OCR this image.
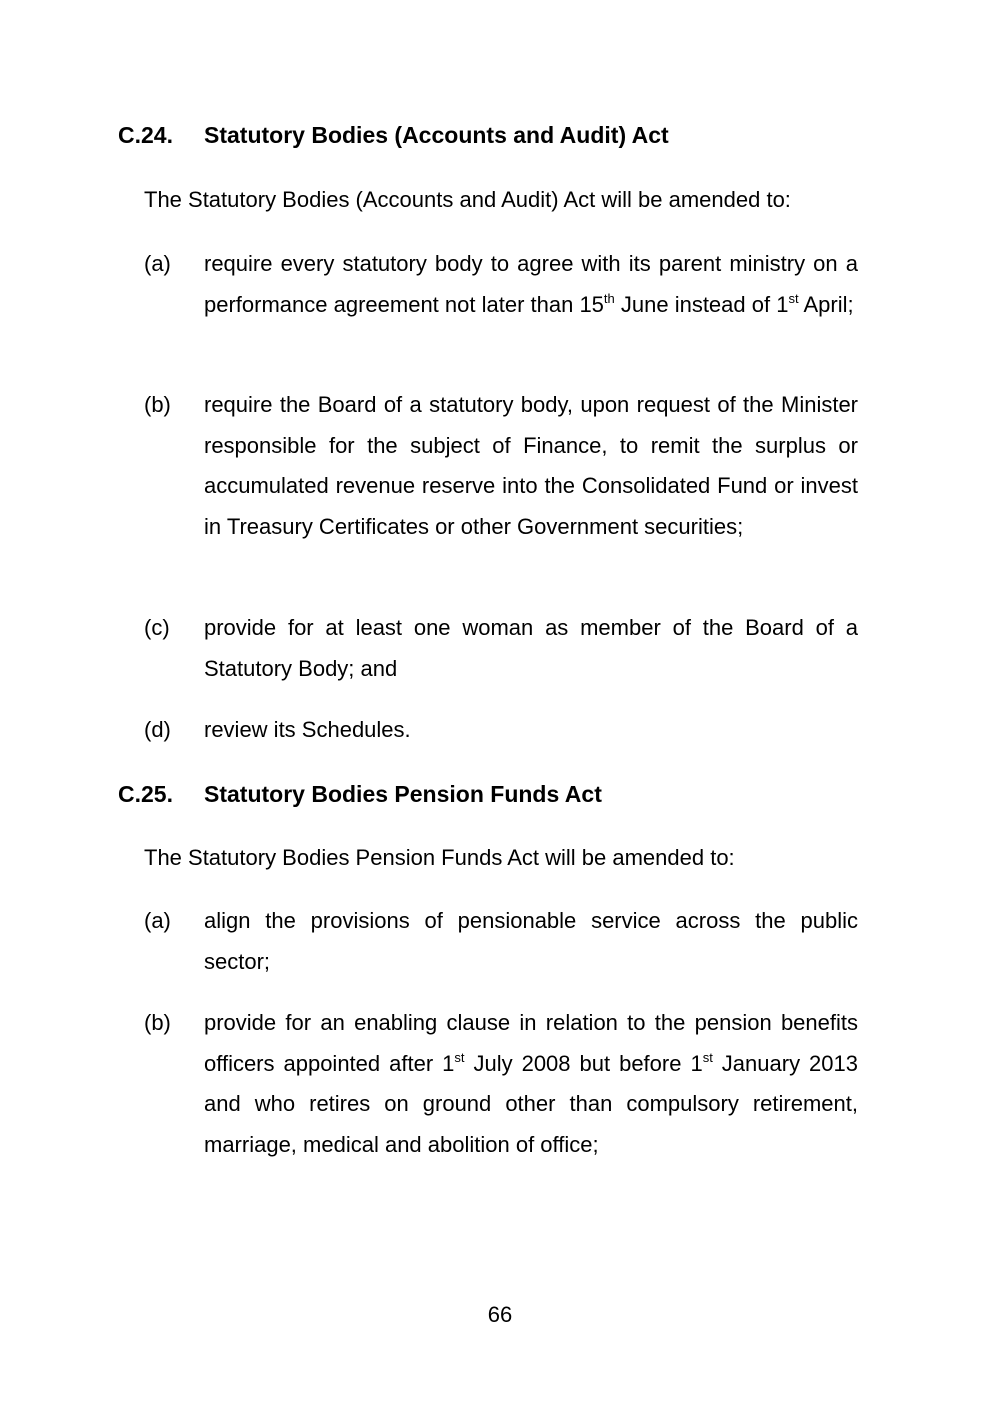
C.24. Statutory Bodies (Accounts and Audit) Act
The Statutory Bodies (Accounts and Audit) Act will be amended to:
(a)	require every statutory body to agree with its parent ministry on a performance agreement not later than 15th June instead of 1st April;
(b)	require the Board of a statutory body, upon request of the Minister responsible for the subject of Finance, to remit the surplus or accumulated revenue reserve into the Consolidated Fund or invest in Treasury Certificates or other Government securities;
(c)	provide for at least one woman as member of the Board of a Statutory Body; and
(d)	review its Schedules.
C.25. Statutory Bodies Pension Funds Act
The Statutory Bodies Pension Funds Act will be amended to:
(a)	align the provisions of pensionable service across the public sector;
(b)	provide for an enabling clause in relation to the pension benefits officers appointed after 1st July 2008 but before 1st January 2013 and who retires on ground other than compulsory retirement, marriage, medical and abolition of office;
66
